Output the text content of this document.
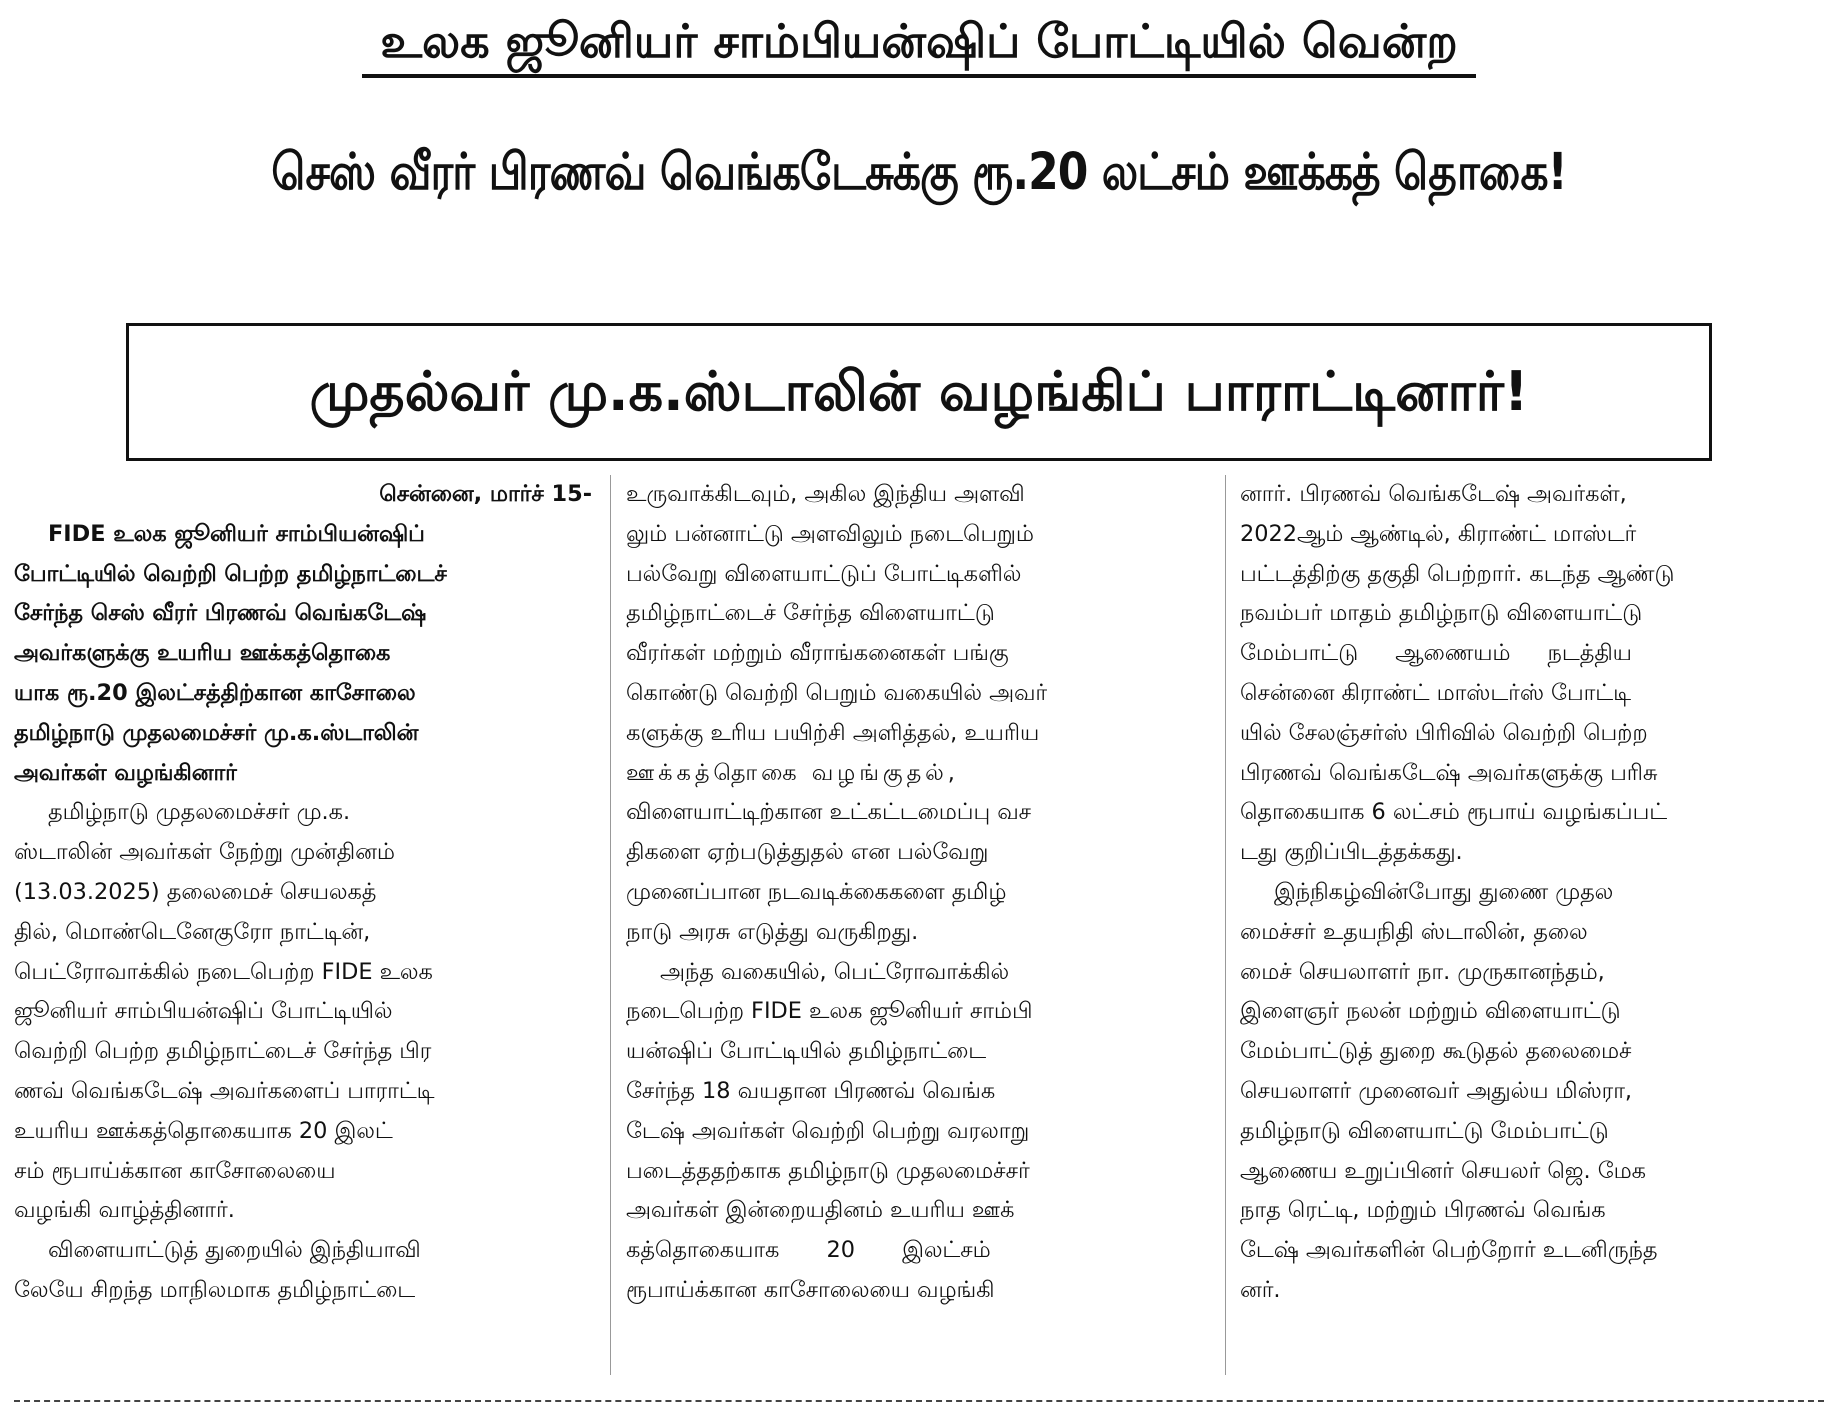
உலக ஜூனியர் சாம்பியன்ஷிப் போட்டியில் வென்ற
செஸ் வீரர் பிரணவ் வெங்கடேசுக்கு ரூ.20 லட்சம் ஊக்கத் தொகை!
முதல்வர் மு.க.ஸ்டாலின் வழங்கிப் பாராட்டினார்!
சென்னை, மார்ச் 15-
FIDE உலக ஜூனியர் சாம்பியன்ஷிப்
போட்டியில் வெற்றி பெற்ற தமிழ்நாட்டைச்
சேர்ந்த செஸ் வீரர் பிரணவ் வெங்கடேஷ்
அவர்களுக்கு உயரிய ஊக்கத்தொகை
யாக ரூ.20 இலட்சத்திற்கான காசோலை
தமிழ்நாடு முதலமைச்சர் மு.க.ஸ்டாலின்
அவர்கள் வழங்கினார்
தமிழ்நாடு முதலமைச்சர் மு.க.
ஸ்டாலின் அவர்கள் நேற்று முன்தினம்
(13.03.2025) தலைமைச் செயலகத்
தில், மொண்டெனேகுரோ நாட்டின்,
பெட்ரோவாக்கில் நடைபெற்ற FIDE உலக
ஜூனியர் சாம்பியன்ஷிப் போட்டியில்
வெற்றி பெற்ற தமிழ்நாட்டைச் சேர்ந்த பிர
ணவ் வெங்கடேஷ் அவர்களைப் பாராட்டி
உயரிய ஊக்கத்தொகையாக 20 இலட்
சம் ரூபாய்க்கான காசோலையை
வழங்கி வாழ்த்தினார்.
விளையாட்டுத் துறையில் இந்தியாவி
லேயே சிறந்த மாநிலமாக தமிழ்நாட்டை
உருவாக்கிடவும், அகில இந்திய அளவி
லும் பன்னாட்டு அளவிலும் நடைபெறும்
பல்வேறு விளையாட்டுப் போட்டிகளில்
தமிழ்நாட்டைச் சேர்ந்த விளையாட்டு
வீரர்கள் மற்றும் வீராங்கனைகள் பங்கு
கொண்டு வெற்றி பெறும் வகையில் அவர்
களுக்கு உரிய பயிற்சி அளித்தல், உயரிய
ஊக்கத்தொகை வழங்குதல்,
விளையாட்டிற்கான உட்கட்டமைப்பு வச
திகளை ஏற்படுத்துதல் என பல்வேறு
முனைப்பான நடவடிக்கைகளை தமிழ்
நாடு அரசு எடுத்து வருகிறது.
அந்த வகையில், பெட்ரோவாக்கில்
நடைபெற்ற FIDE உலக ஜூனியர் சாம்பி
யன்ஷிப் போட்டியில் தமிழ்நாட்டை
சேர்ந்த 18 வயதான பிரணவ் வெங்க
டேஷ் அவர்கள் வெற்றி பெற்று வரலாறு
படைத்ததற்காக தமிழ்நாடு முதலமைச்சர்
அவர்கள் இன்றையதினம் உயரிய ஊக்
கத்தொகையாக 20 இலட்சம்
ரூபாய்க்கான காசோலையை வழங்கி
னார். பிரணவ் வெங்கடேஷ் அவர்கள்,
2022ஆம் ஆண்டில், கிராண்ட் மாஸ்டர்
பட்டத்திற்கு தகுதி பெற்றார். கடந்த ஆண்டு
நவம்பர் மாதம் தமிழ்நாடு விளையாட்டு
மேம்பாட்டு ஆணையம் நடத்திய
சென்னை கிராண்ட் மாஸ்டர்ஸ் போட்டி
யில் சேலஞ்சர்ஸ் பிரிவில் வெற்றி பெற்ற
பிரணவ் வெங்கடேஷ் அவர்களுக்கு பரிசு
தொகையாக 6 லட்சம் ரூபாய் வழங்கப்பட்
டது குறிப்பிடத்தக்கது.
இந்நிகழ்வின்போது துணை முதல
மைச்சர் உதயநிதி ஸ்டாலின், தலை
மைச் செயலாளர் நா. முருகானந்தம்,
இளைஞர் நலன் மற்றும் விளையாட்டு
மேம்பாட்டுத் துறை கூடுதல் தலைமைச்
செயலாளர் முனைவர் அதுல்ய மிஸ்ரா,
தமிழ்நாடு விளையாட்டு மேம்பாட்டு
ஆணைய உறுப்பினர் செயலர் ஜெ. மேக
நாத ரெட்டி, மற்றும் பிரணவ் வெங்க
டேஷ் அவர்களின் பெற்றோர் உடனிருந்த
னர்.
